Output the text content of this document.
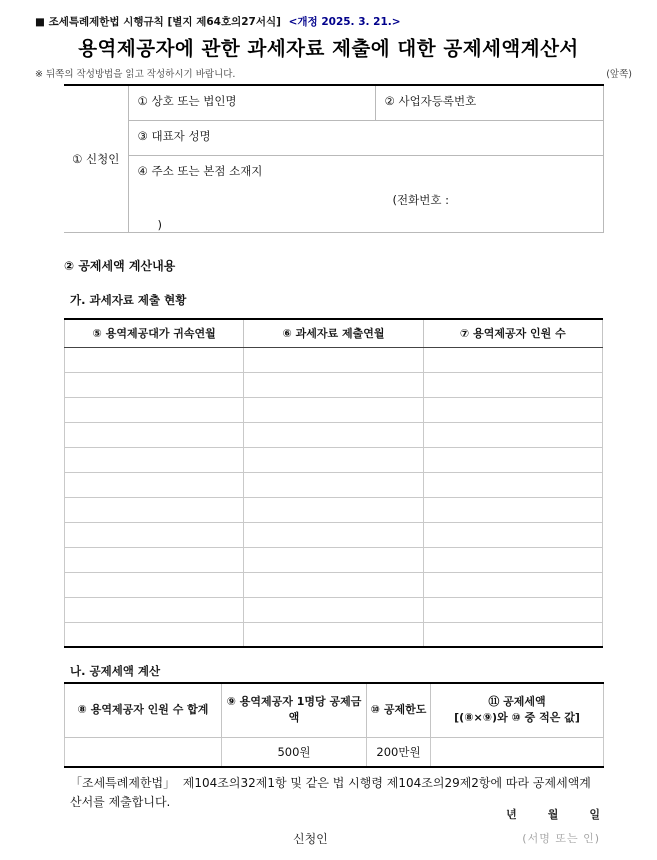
■ 조세특례제한법 시행규칙 [별지 제64호의27서식] <개정 2025. 3. 21.>
용역제공자에 관한 과세자료 제출에 대한 공제세액계산서
※ 뒤쪽의 작성방법을 읽고 작성하시기 바랍니다.	(앞쪽)
① 신청인	① 상호 또는 법인명	② 사업자등록번호
③ 대표자 성명

④ 주소 또는 본점 소재지
(전화번호 :
)
② 공제세액 계산내용
가. 과세자료 제출 현황
⑤ 용역제공대가 귀속연월	⑥ 과세자료 제출연월	⑦ 용역제공자 인원 수

나. 공제세액 계산
⑧ 용역제공자 인원 수 합계	⑨ 용역제공자 1명당 공제금액	⑩ 공제한도	⑪ 공제세액
[(⑧×⑨)와 ⑩ 중 적은 값]

	500원	200만원	
「조세특례제한법」  제104조의32제1항 및 같은 법 시행령 제104조의29제2항에 따라 공제세액계산서를 제출합니다.
년	월	일
신청인	(서명 또는 인)
